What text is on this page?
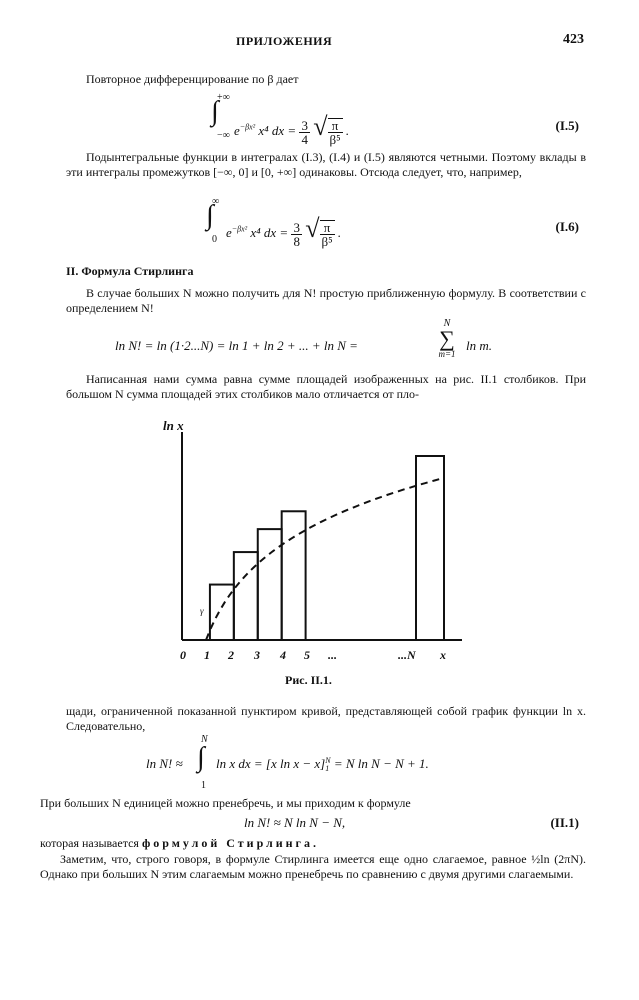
ПРИЛОЖЕНИЯ	423
Повторное дифференцирование по β дает
+∞
∫
−∞ $e^{-\beta x^2}$ x⁴ dx = $\frac{3}{4}$ √ $\frac{\pi}{\text{β⁵}}$ .	(I.5)
Подынтегральные функции в интегралах (I.3), (I.4) и (I.5) являются четными. Поэтому вклады в эти интегралы промежутков [−∞, 0] и [0, +∞] одинаковы. Отсюда следует, что, например,
∞
∫
0 $e^{-\beta x^2}$ x⁴ dx = $\frac{3}{8}$ √ $\frac{\pi}{\text{β⁵}}$ .	(I.6)
II. Формула Стирлинга
В случае больших N можно получить для N! простую приближенную формулу. В соответствии с определением N!
ln N! = ln (1·2...N) = ln 1 + ln 2 + ... + ln N =
N
∑
m=1
ln m.
Написанная нами сумма равна сумме площадей изображенных на рис. II.1 столбиков. При большом N сумма площадей этих столбиков мало отличается от пло-
ln x
γ
Рис. II.1.
0 1 2 3 4 5 ...	...N x
щади, ограниченной показанной пунктиром кривой, представляющей собой график функции ln x. Следовательно,
ln N! ≈
N
∫
1
ln x dx = [x ln x − x] N
1 = N ln N − N + 1.
При больших N единицей можно пренебречь, и мы приходим к формуле
ln N! ≈ N ln N − N,	(II.1)
которая называется формулой Стирлинга.
Заметим, что, строго говоря, в формуле Стирлинга имеется еще одно слагаемое, равное ½ln (2πN). Однако при больших N этим слагаемым можно пренебречь по сравнению с двумя другими слагаемыми.
